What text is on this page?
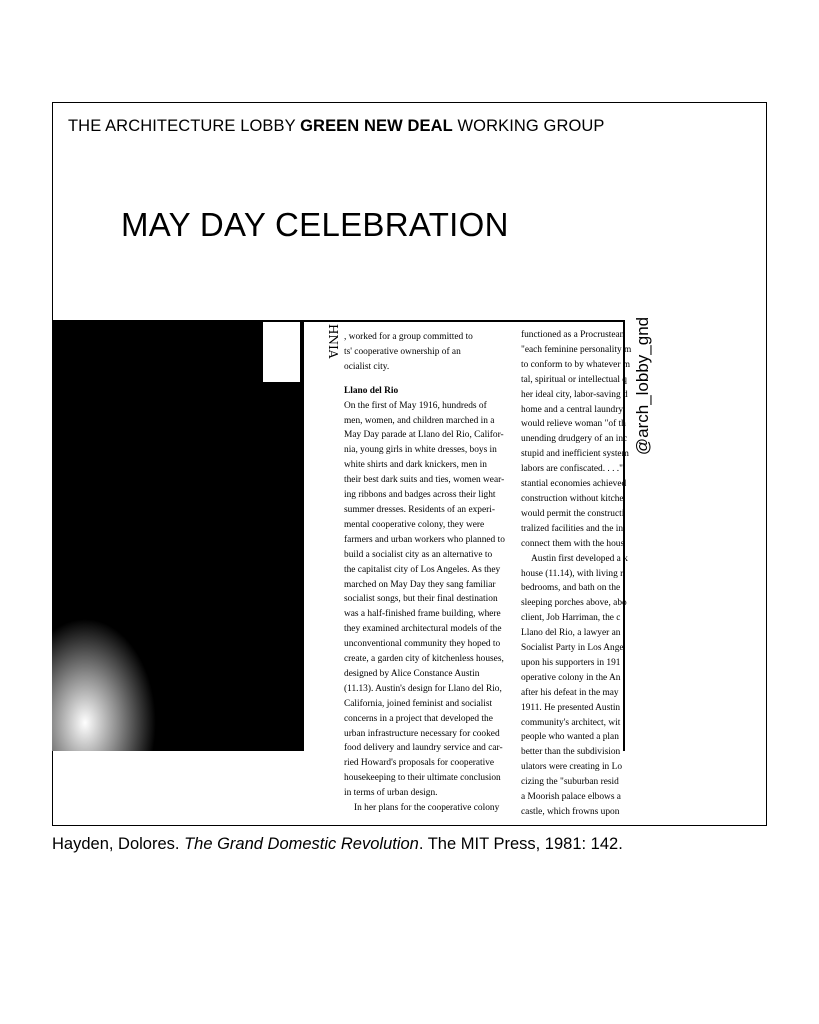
THE ARCHITECTURE LOBBY GREEN NEW DEAL WORKING GROUP
MAY DAY CELEBRATION
HNIA , worked for a group committed to
ts' cooperative ownership of an
ocialist city.
Llano del Rio
On the first of May 1916, hundreds of
men, women, and children marched in a
May Day parade at Llano del Rio, Califor-
nia, young girls in white dresses, boys in
white shirts and dark knickers, men in
their best dark suits and ties, women wear-
ing ribbons and badges across their light
summer dresses. Residents of an experi-
mental cooperative colony, they were
farmers and urban workers who planned to
build a socialist city as an alternative to
the capitalist city of Los Angeles. As they
marched on May Day they sang familiar
socialist songs, but their final destination
was a half-finished frame building, where
they examined architectural models of the
unconventional community they hoped to
create, a garden city of kitchenless houses,
designed by Alice Constance Austin
(11.13). Austin's design for Llano del Rio,
California, joined feminist and socialist
concerns in a project that developed the
urban infrastructure necessary for cooked
food delivery and laundry service and car-
ried Howard's proposals for cooperative
housekeeping to their ultimate conclusion
in terms of urban design.
In her plans for the cooperative colony
functioned as a Procrustean
"each feminine personality m
to conform to by whatever m
tal, spiritual or intellectual q
her ideal city, labor-saving d
home and a central laundry
would relieve woman "of th
unending drudgery of an inc
stupid and inefficient system
labors are confiscated. . . ."
stantial economies achieved
construction without kitche
would permit the constructi
tralized facilities and the in
connect them with the hous
Austin first developed a k
house (11.14), with living r
bedrooms, and bath on the
sleeping porches above, abo
client, Job Harriman, the c
Llano del Rio, a lawyer an
Socialist Party in Los Ange
upon his supporters in 191
operative colony in the An
after his defeat in the may
1911. He presented Austin
community's architect, wit
people who wanted a plan
better than the subdivision
ulators were creating in Lo
cizing the "suburban resid
a Moorish palace elbows a
castle, which frowns upon
@arch_lobby_gnd
Hayden, Dolores. The Grand Domestic Revolution. The MIT Press, 1981: 142.
